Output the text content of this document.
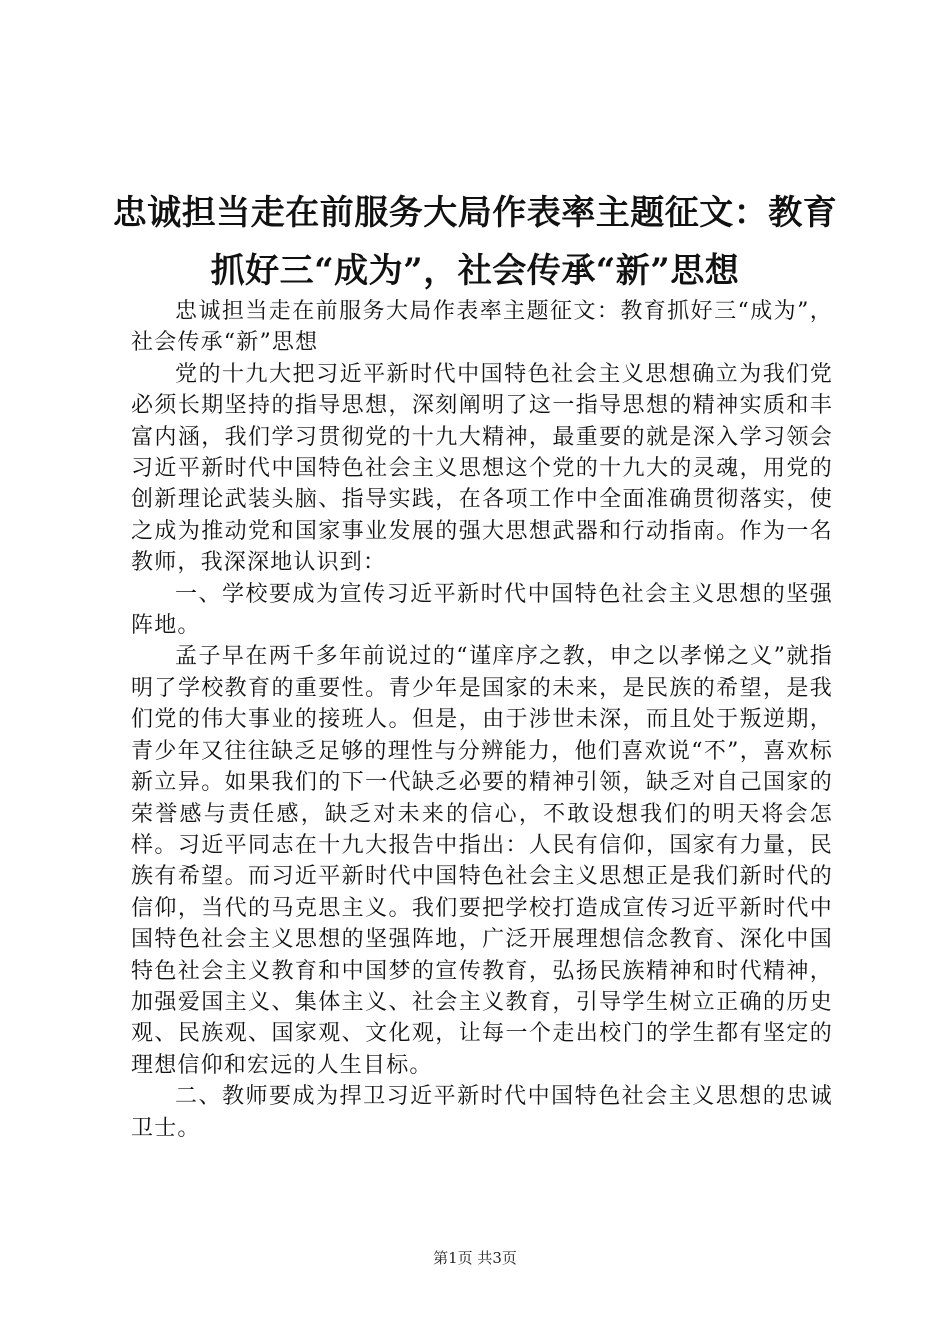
忠诚担当走在前服务大局作表率主题征文：教育抓好三“成为”，社会传承“新”思想

忠诚担当走在前服务大局作表率主题征文：教育抓好三“成为”，社会传承“新”思想

党的十九大把习近平新时代中国特色社会主义思想确立为我们党必须长期坚持的指导思想，深刻阐明了这一指导思想的精神实质和丰富内涵，我们学习贯彻党的十九大精神，最重要的就是深入学习领会习近平新时代中国特色社会主义思想这个党的十九大的灵魂，用党的创新理论武装头脑、指导实践，在各项工作中全面准确贯彻落实，使之成为推动党和国家事业发展的强大思想武器和行动指南。作为一名教师，我深深地认识到：

一、学校要成为宣传习近平新时代中国特色社会主义思想的坚强阵地。

孟子早在两千多年前说过的“谨庠序之教，申之以孝悌之义”就指明了学校教育的重要性。青少年是国家的未来，是民族的希望，是我们党的伟大事业的接班人。但是，由于涉世未深，而且处于叛逆期，青少年又往往缺乏足够的理性与分辨能力，他们喜欢说“不”，喜欢标新立异。如果我们的下一代缺乏必要的精神引领，缺乏对自己国家的荣誉感与责任感，缺乏对未来的信心，不敢设想我们的明天将会怎样。习近平同志在十九大报告中指出：人民有信仰，国家有力量，民族有希望。而习近平新时代中国特色社会主义思想正是我们新时代的信仰，当代的马克思主义。我们要把学校打造成宣传习近平新时代中国特色社会主义思想的坚强阵地，广泛开展理想信念教育、深化中国特色社会主义教育和中国梦的宣传教育，弘扬民族精神和时代精神，加强爱国主义、集体主义、社会主义教育，引导学生树立正确的历史观、民族观、国家观、文化观，让每一个走出校门的学生都有坚定的理想信仰和宏远的人生目标。

二、教师要成为捍卫习近平新时代中国特色社会主义思想的忠诚卫士。

第1页 共3页
